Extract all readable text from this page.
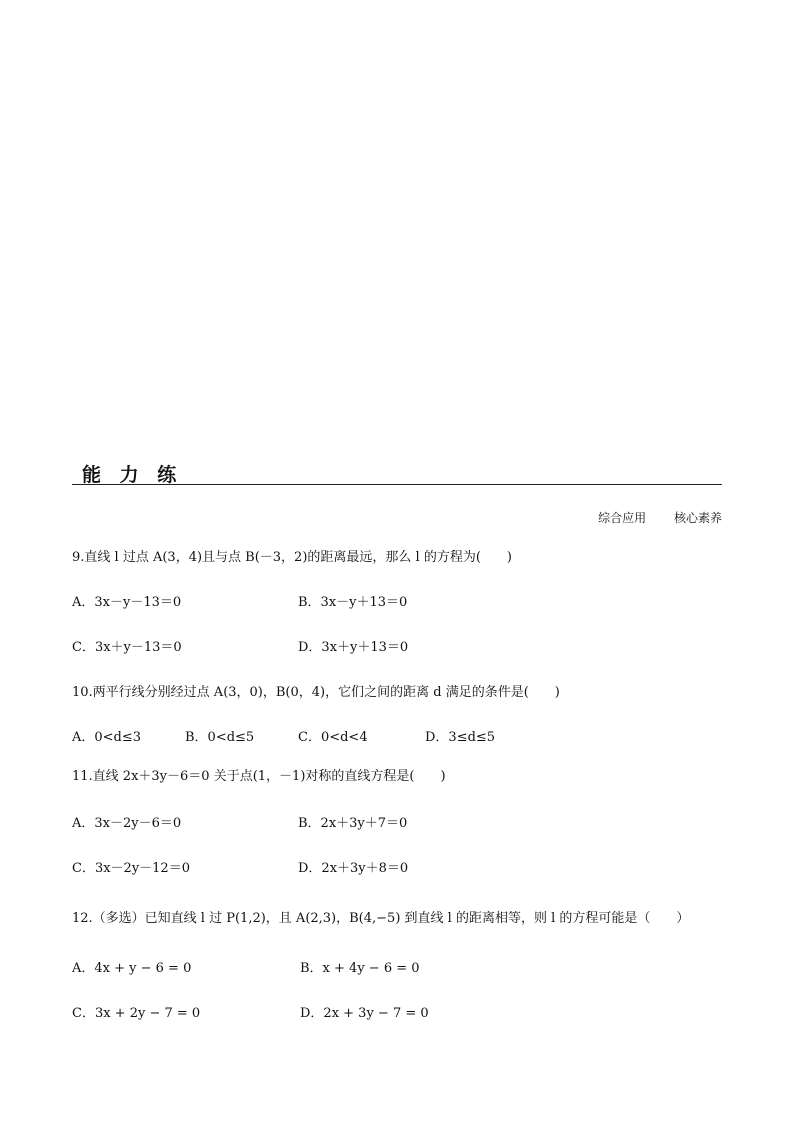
能 力 练
综合应用 核心素养
9.直线 l 过点 A(3，4)且与点 B(－3，2)的距离最远，那么 l 的方程为(　　)
A．3x－y－13＝0	B．3x－y＋13＝0
C．3x＋y－13＝0	D．3x＋y＋13＝0
10.两平行线分别经过点 A(3，0)，B(0，4)，它们之间的距离 d 满足的条件是(　　)
A．0<d≤3	B．0<d≤5	C．0<d<4	D．3≤d≤5
11.直线 2x＋3y－6＝0 关于点(1，－1)对称的直线方程是(　　)
A．3x－2y－6＝0	B．2x＋3y＋7＝0
C．3x－2y－12＝0	D．2x＋3y＋8＝0
12.（多选）已知直线 l 过 P(1,2)，且 A(2,3)，B(4,−5) 到直线 l 的距离相等，则 l 的方程可能是（　　）
A．4x + y − 6 = 0	B．x + 4y − 6 = 0
C．3x + 2y − 7 = 0	D．2x + 3y − 7 = 0
